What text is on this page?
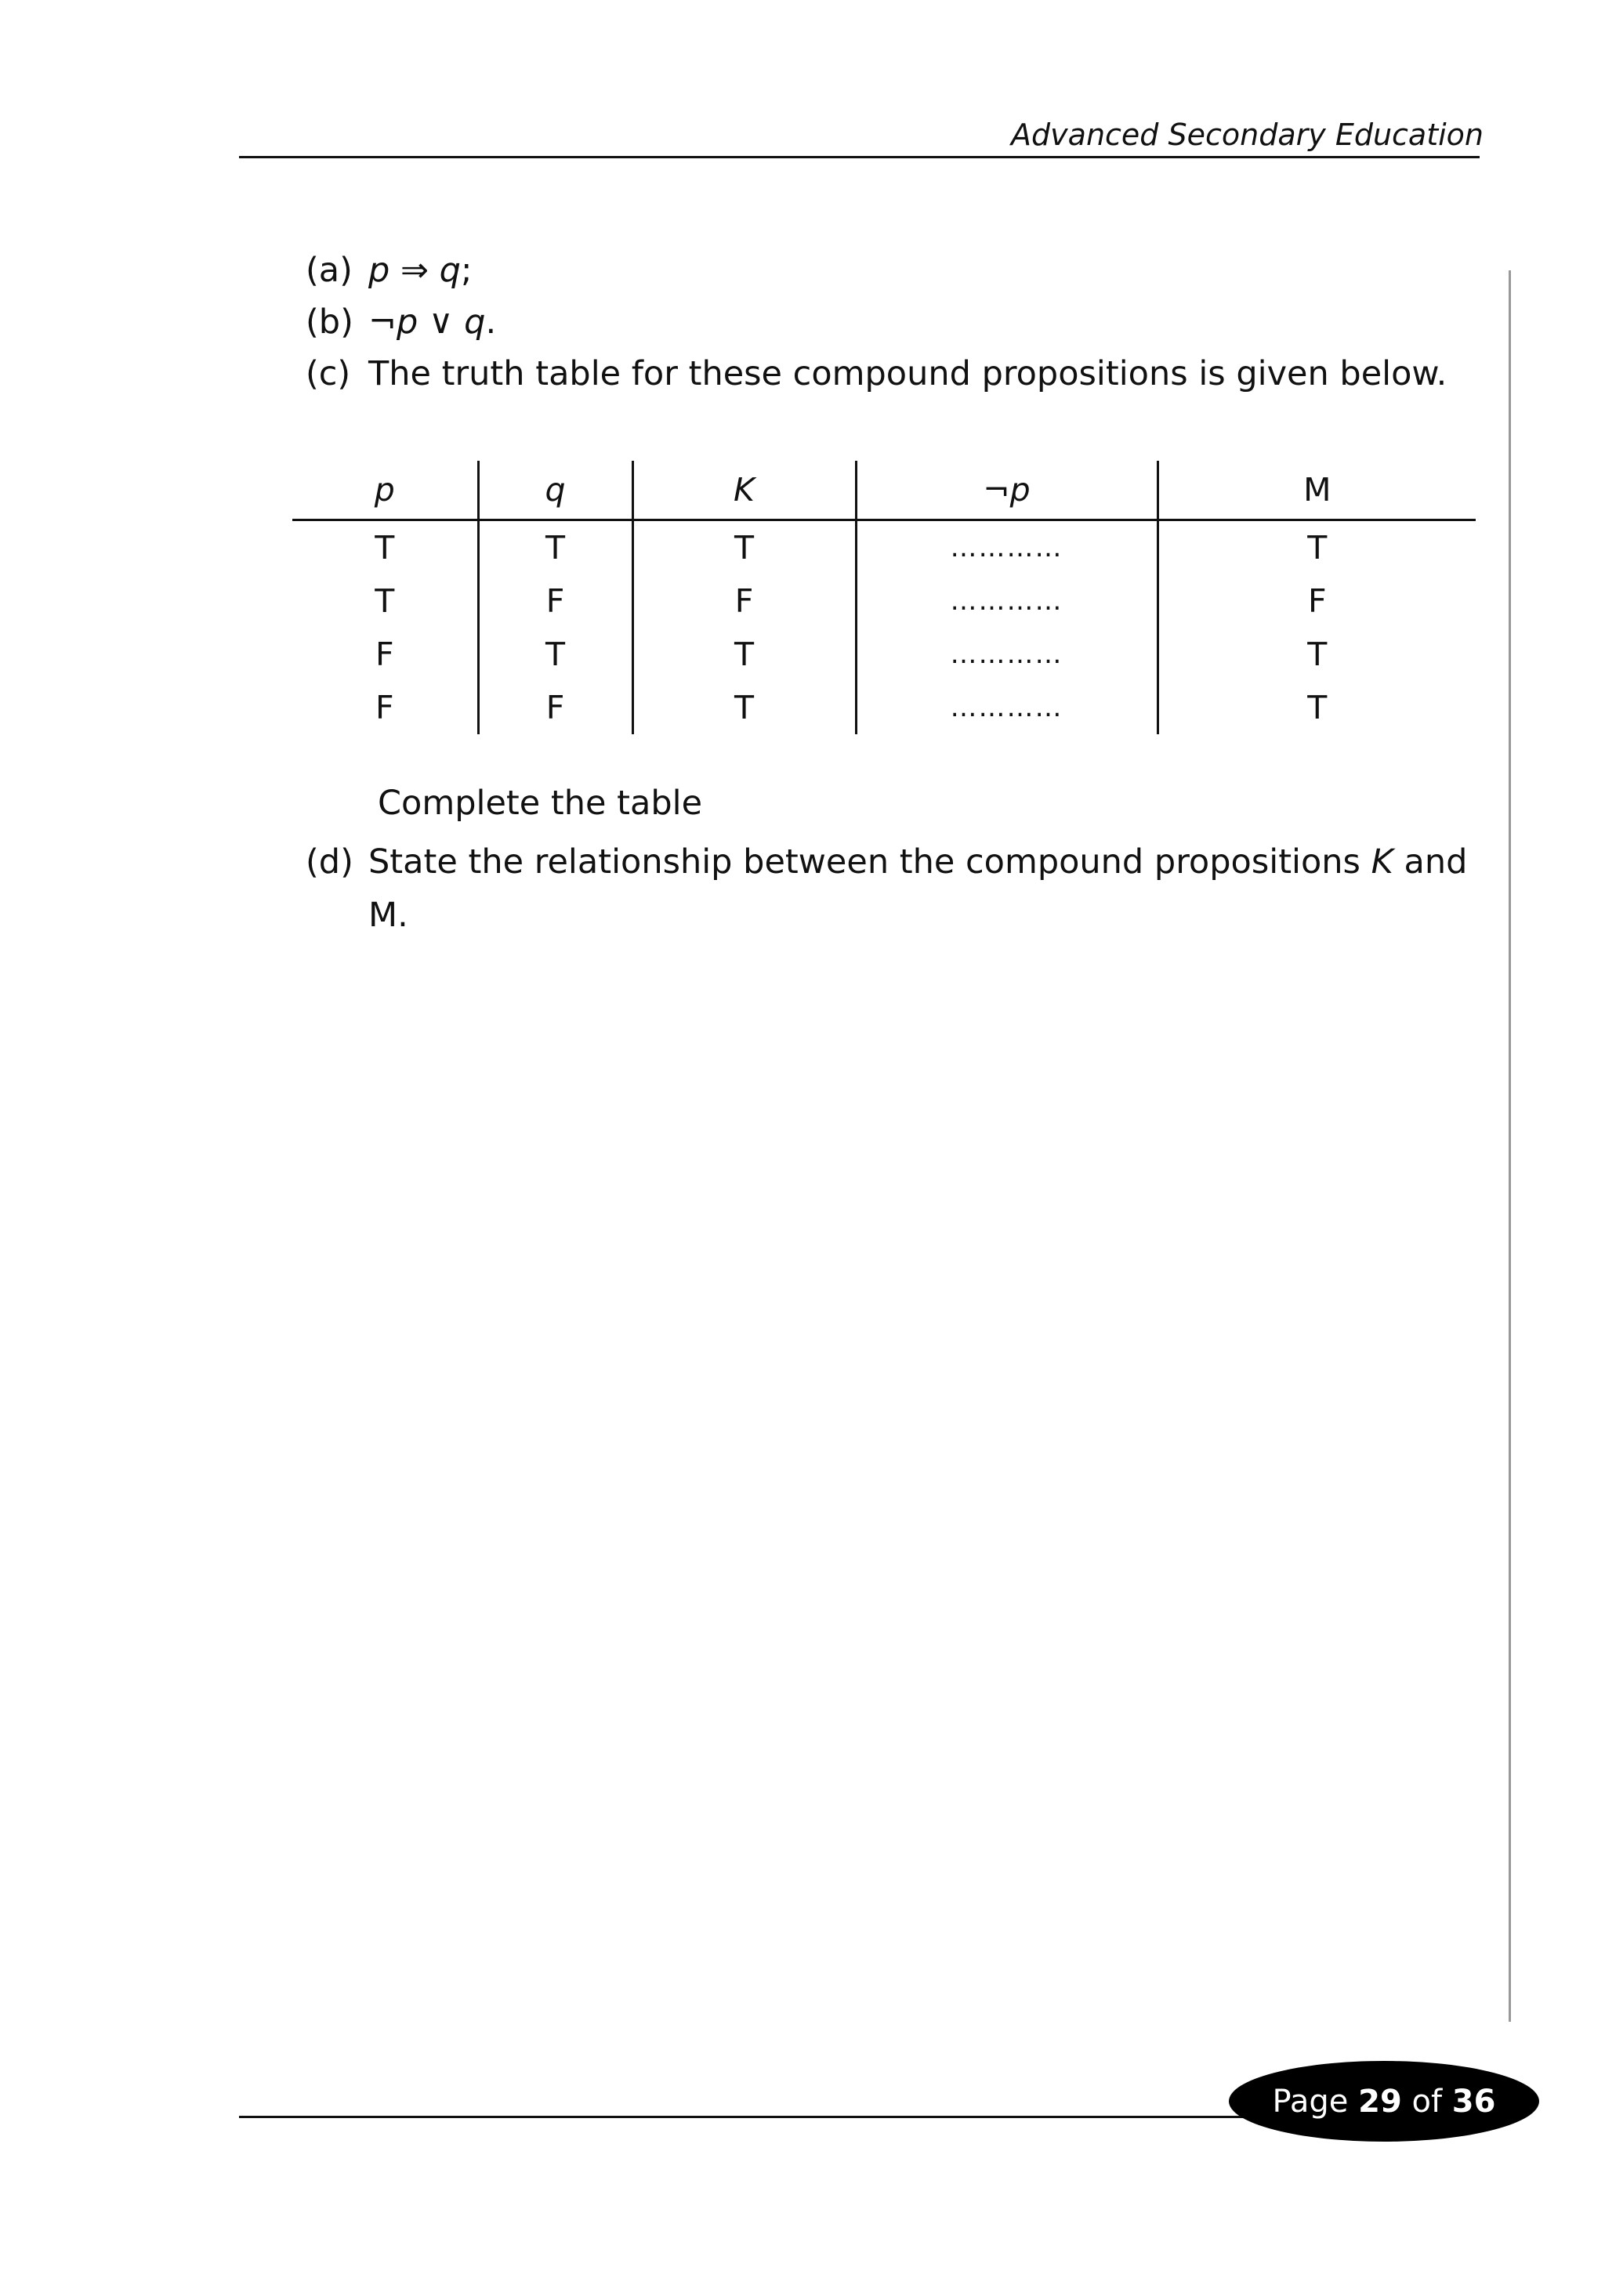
Advanced Secondary Education
(a) p ⇒ q;
(b) ¬p ∨ q.
(c) The truth table for these compound propositions is given below.
p	q	K	¬p	M
T	T	T	…………	T
T	F	F	…………	F
F	T	T	…………	T
F	F	T	…………	T
Complete the table
(d) State the relationship between the compound propositions K and
M.
Page
29
of
36
